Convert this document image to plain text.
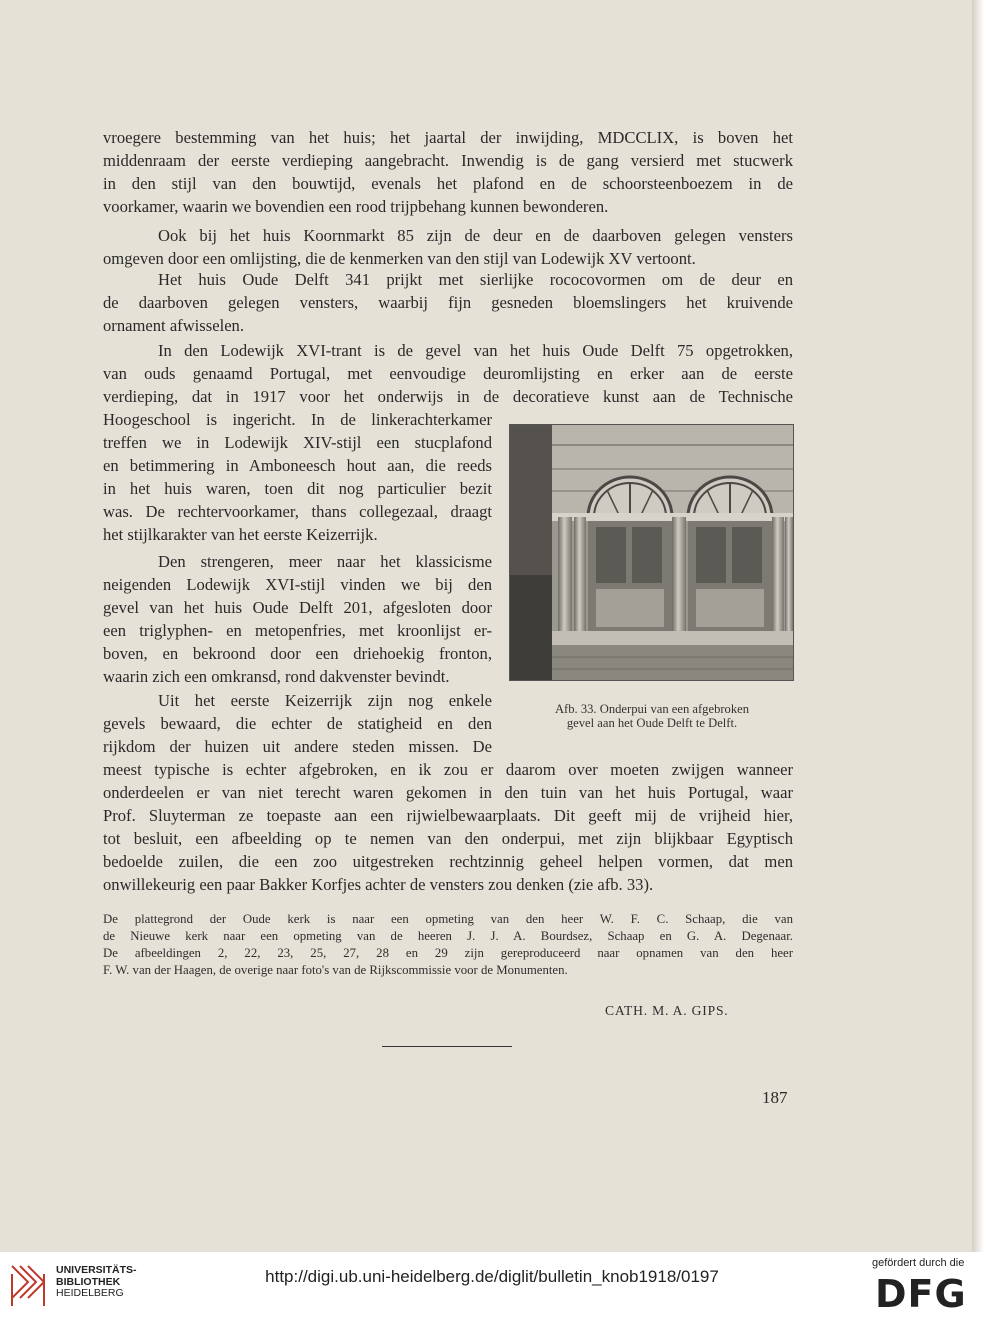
vroegere bestemming van het huis; het jaartal der inwijding, MDCCLIX, is boven het
middenraam der eerste verdieping aangebracht. Inwendig is de gang versierd met stucwerk
in den stijl van den bouwtijd, evenals het plafond en de schoorsteenboezem in de
voorkamer, waarin we bovendien een rood trijpbehang kunnen bewonderen.

Ook bij het huis Koornmarkt 85 zijn de deur en de daarboven gelegen vensters
omgeven door een omlijsting, die de kenmerken van den stijl van Lodewijk XV vertoont.

Het huis Oude Delft 341 prijkt met sierlijke rococovormen om de deur en
de daarboven gelegen vensters, waarbij fijn gesneden bloemslingers het kruivende
ornament afwisselen.

In den Lodewijk XVI-trant is de gevel van het huis Oude Delft 75 opgetrokken,
van ouds genaamd Portugal, met eenvoudige deuromlijsting en erker aan de eerste
verdieping, dat in 1917 voor het onderwijs in de decoratieve kunst aan de Technische
Hoogeschool is ingericht. In de linkerachterkamer
treffen we in Lodewijk XIV-stijl een stucplafond
en betimmering in Amboneesch hout aan, die reeds
in het huis waren, toen dit nog particulier bezit
was. De rechtervoorkamer, thans collegezaal, draagt
het stijlkarakter van het eerste Keizerrijk.

Den strengeren, meer naar het klassicisme
neigenden Lodewijk XVI-stijl vinden we bij den
gevel van het huis Oude Delft 201, afgesloten door
een triglyphen- en metopenfries, met kroonlijst er-
boven, en bekroond door een driehoekig fronton,
waarin zich een omkransd, rond dakvenster bevindt.

Uit het eerste Keizerrijk zijn nog enkele
gevels bewaard, die echter de statigheid en den
rijkdom der huizen uit andere steden missen. De

meest typische is echter afgebroken, en ik zou er daarom over moeten zwijgen wanneer
onderdeelen er van niet terecht waren gekomen in den tuin van het huis Portugal, waar
Prof. Sluyterman ze toepaste aan een rijwielbewaarplaats. Dit geeft mij de vrijheid hier,
tot besluit, een afbeelding op te nemen van den onderpui, met zijn blijkbaar Egyptisch
bedoelde zuilen, die een zoo uitgestreken rechtzinnig geheel helpen vormen, dat men
onwillekeurig een paar Bakker Korfjes achter de vensters zou denken (zie afb. 33).

Afb. 33. Onderpui van een afgebroken
gevel aan het Oude Delft te Delft.

De plattegrond der Oude kerk is naar een opmeting van den heer W. F. C. Schaap, die van
de Nieuwe kerk naar een opmeting van de heeren J. J. A. Bourdsez, Schaap en G. A. Degenaar.
De afbeeldingen 2, 22, 23, 25, 27, 28 en 29 zijn gereproduceerd naar opnamen van den heer
F. W. van der Haagen, de overige naar foto's van de Rijkscommissie voor de Monumenten.
CATH. M. A. GIPS.
187
UNIVERSITÄTS-
BIBLIOTHEK
HEIDELBERG
http://digi.ub.uni-heidelberg.de/diglit/bulletin_knob1918/0197
gefördert durch die
DFG
